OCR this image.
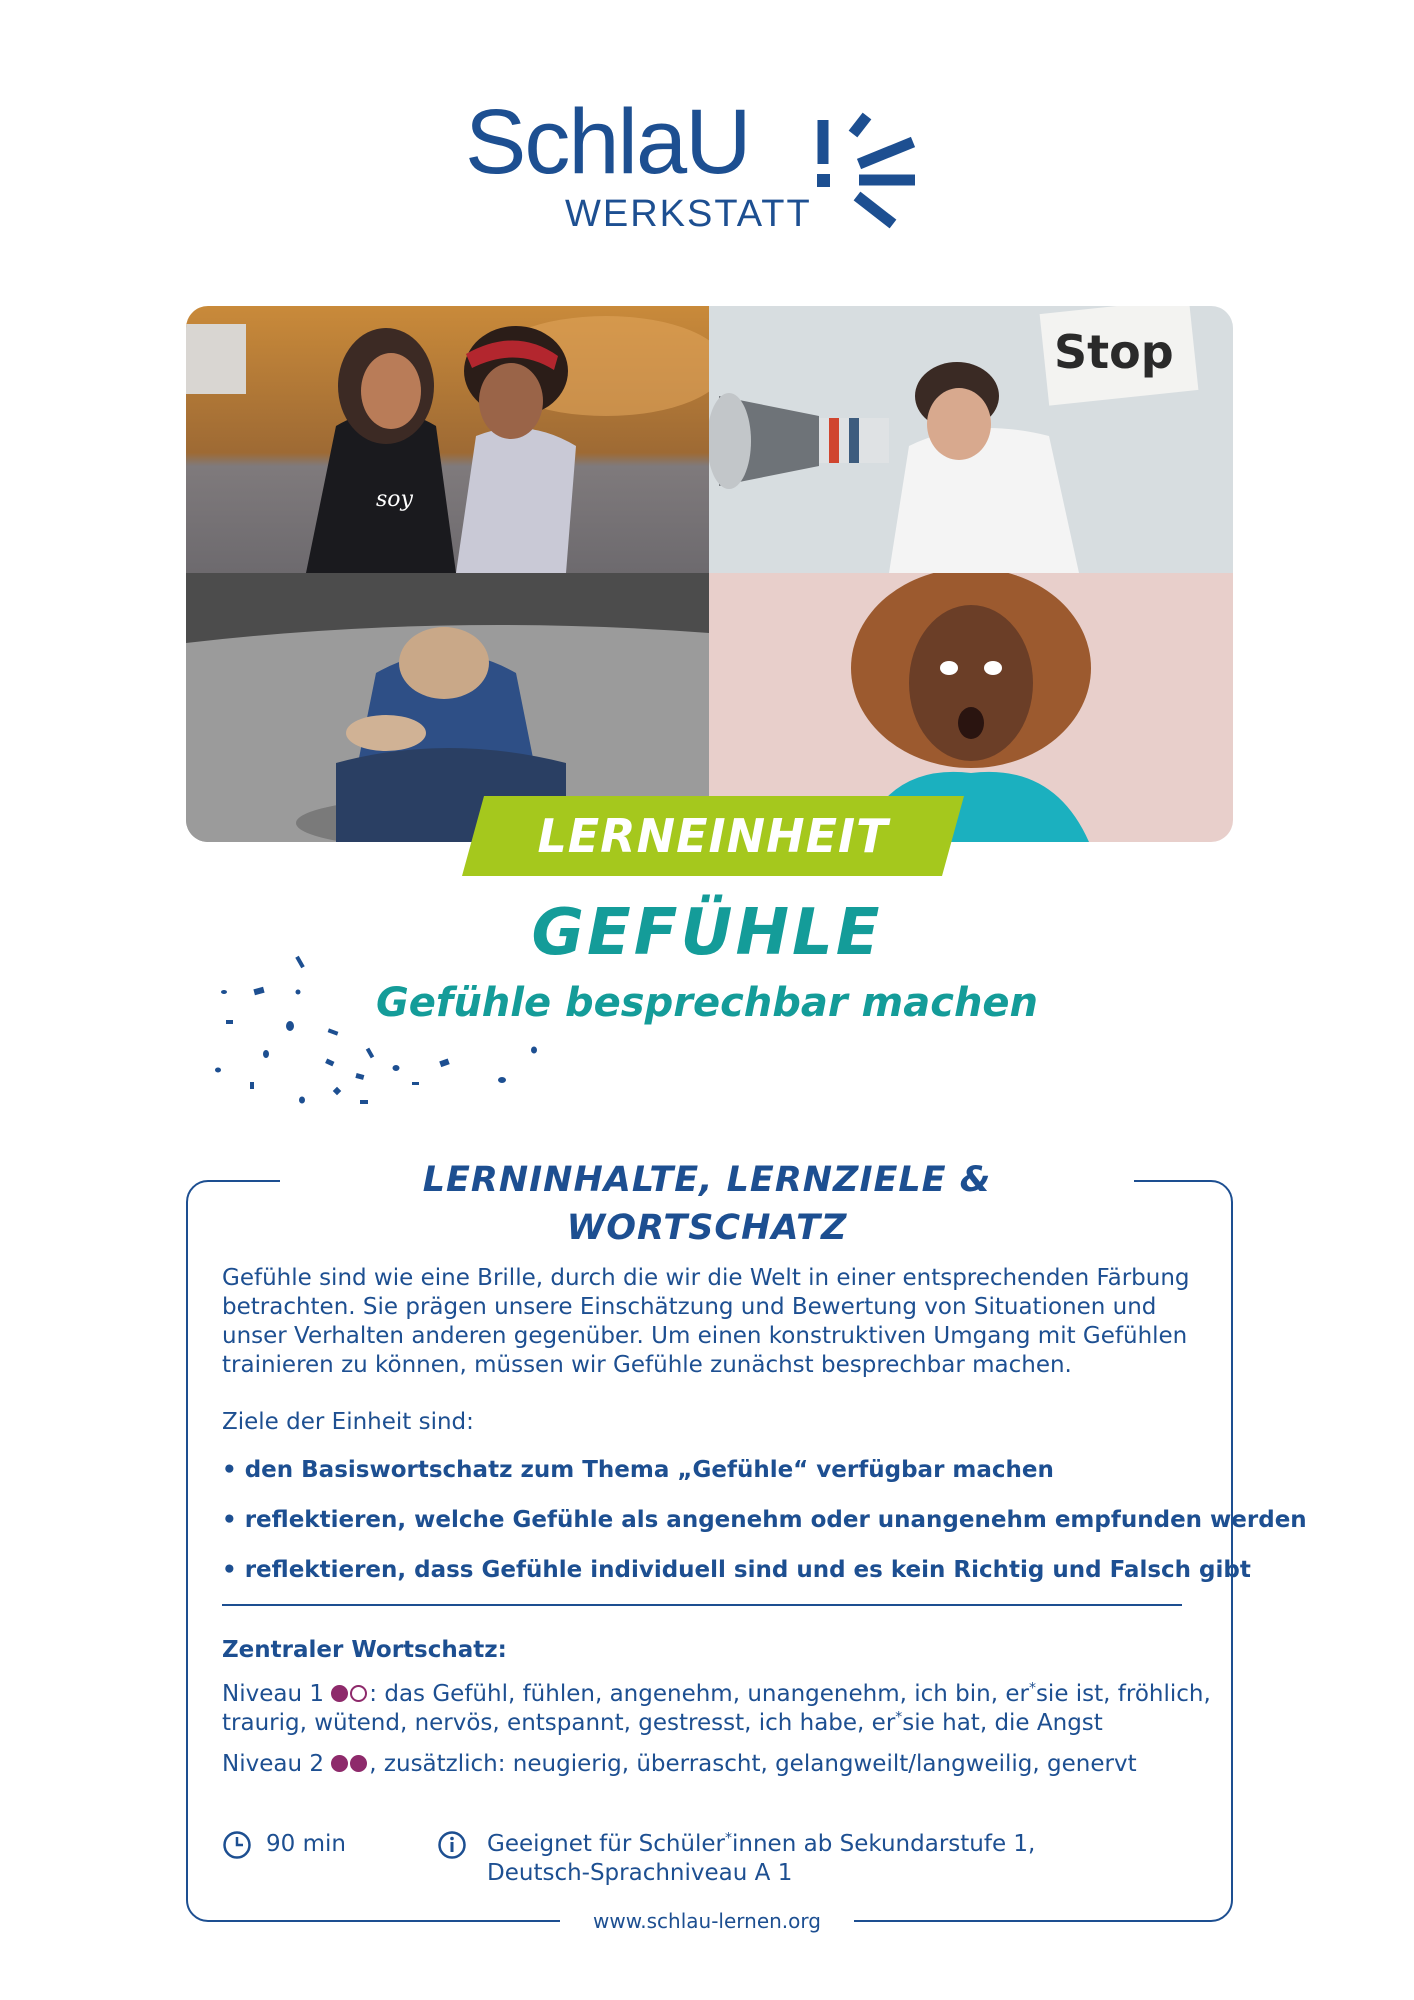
SchlaU
WERKSTATT
soy
Stop
LERNEINHEIT
GEFÜHLE
Gefühle besprechbar machen
LERNINHALTE, LERNZIELE & WORTSCHATZ
Gefühle sind wie eine Brille, durch die wir die Welt in einer entsprechenden Färbung betrachten. Sie prägen unsere Einschätzung und Bewertung von Situationen und unser Verhalten anderen gegenüber. Um einen konstruktiven Umgang mit Gefühlen trainieren zu können, müssen wir Gefühle zunächst besprechbar machen.
Ziele der Einheit sind:
• den Basiswortschatz zum Thema „Gefühle“ verfügbar machen
• reflektieren, welche Gefühle als angenehm oder unangenehm empfunden werden
• reflektieren, dass Gefühle individuell sind und es kein Richtig und Falsch gibt
Zentraler Wortschatz:
Niveau 1 : das Gefühl, fühlen, angenehm, unangenehm, ich bin, er*sie ist, fröhlich, traurig, wütend, nervös, entspannt, gestresst, ich habe, er*sie hat, die Angst
Niveau 2 , zusätzlich: neugierig, überrascht, gelangweilt/langweilig, genervt
90 min	Geeignet für Schüler*innen ab Sekundarstufe 1,
Deutsch-Sprachniveau A 1
www.schlau-lernen.org
